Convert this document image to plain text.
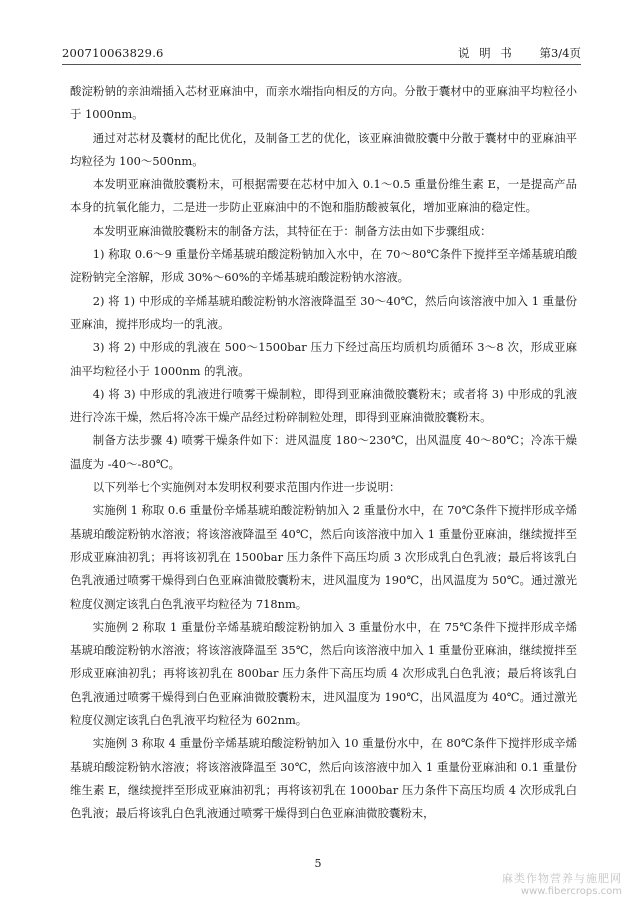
200710063829.6	说 明 书 第3/4页

酸淀粉钠的亲油端插入芯材亚麻油中，而亲水端指向相反的方向。分散于囊材中的亚麻油平均粒径小于 1000nm。

通过对芯材及囊材的配比优化，及制备工艺的优化，该亚麻油微胶囊中分散于囊材中的亚麻油平均粒径为 100～500nm。

本发明亚麻油微胶囊粉末，可根据需要在芯材中加入 0.1～0.5 重量份维生素 E，一是提高产品本身的抗氧化能力，二是进一步防止亚麻油中的不饱和脂肪酸被氧化，增加亚麻油的稳定性。

本发明亚麻油微胶囊粉末的制备方法，其特征在于：制备方法由如下步骤组成：

1) 称取 0.6～9 重量份辛烯基琥珀酸淀粉钠加入水中，在 70～80℃条件下搅拌至辛烯基琥珀酸淀粉钠完全溶解，形成 30%～60%的辛烯基琥珀酸淀粉钠水溶液。

2) 将 1) 中形成的辛烯基琥珀酸淀粉钠水溶液降温至 30～40℃，然后向该溶液中加入 1 重量份亚麻油，搅拌形成均一的乳液。

3) 将 2) 中形成的乳液在 500～1500bar 压力下经过高压均质机均质循环 3～8 次，形成亚麻油平均粒径小于 1000nm 的乳液。

4) 将 3) 中形成的乳液进行喷雾干燥制粒，即得到亚麻油微胶囊粉末；或者将 3) 中形成的乳液进行冷冻干燥，然后将冷冻干燥产品经过粉碎制粒处理，即得到亚麻油微胶囊粉末。

制备方法步骤 4) 喷雾干燥条件如下：进风温度 180～230℃，出风温度 40～80℃；冷冻干燥温度为 -40～-80℃。

以下列举七个实施例对本发明权利要求范围内作进一步说明：

实施例 1 称取 0.6 重量份辛烯基琥珀酸淀粉钠加入 2 重量份水中，在 70℃条件下搅拌形成辛烯基琥珀酸淀粉钠水溶液；将该溶液降温至 40℃，然后向该溶液中加入 1 重量份亚麻油，继续搅拌至形成亚麻油初乳；再将该初乳在 1500bar 压力条件下高压均质 3 次形成乳白色乳液；最后将该乳白色乳液通过喷雾干燥得到白色亚麻油微胶囊粉末，进风温度为 190℃，出风温度为 50℃。通过激光粒度仪测定该乳白色乳液平均粒径为 718nm。

实施例 2 称取 1 重量份辛烯基琥珀酸淀粉钠加入 3 重量份水中，在 75℃条件下搅拌形成辛烯基琥珀酸淀粉钠水溶液；将该溶液降温至 35℃，然后向该溶液中加入 1 重量份亚麻油，继续搅拌至形成亚麻油初乳；再将该初乳在 800bar 压力条件下高压均质 4 次形成乳白色乳液；最后将该乳白色乳液通过喷雾干燥得到白色亚麻油微胶囊粉末，进风温度为 190℃，出风温度为 40℃。通过激光粒度仪测定该乳白色乳液平均粒径为 602nm。

实施例 3 称取 4 重量份辛烯基琥珀酸淀粉钠加入 10 重量份水中，在 80℃条件下搅拌形成辛烯基琥珀酸淀粉钠水溶液；将该溶液降温至 30℃，然后向该溶液中加入 1 重量份亚麻油和 0.1 重量份维生素 E，继续搅拌至形成亚麻油初乳；再将该初乳在 1000bar 压力条件下高压均质 4 次形成乳白色乳液；最后将该乳白色乳液通过喷雾干燥得到白色亚麻油微胶囊粉末，

5
麻类作物营养与施肥网
www.fibercrops.com
